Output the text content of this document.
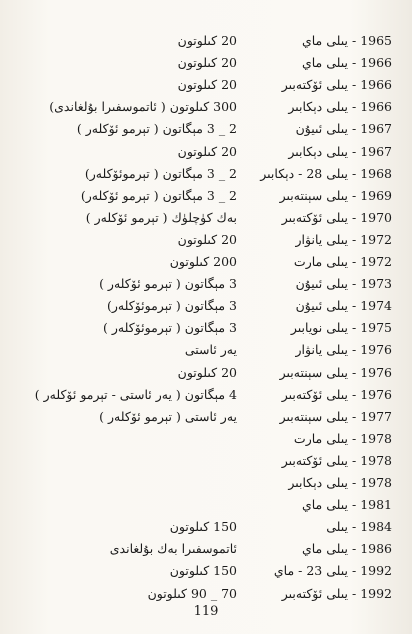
1965 - يىلى ماي
20 كىلوتون
1966 - يىلى ماي
20 كىلوتون
1966 - يىلى ئۆكتەبىر
20 كىلوتون
1966 - يىلى دېكابىر
300 كىلوتون ( ئاتموسفىرا بۇلغاندى)
1967 - يىلى ئىيۇن
2 _ 3 مېگاتون ( تېرمو ئۆكلەر )
1967 - يىلى دېكابىر
20 كىلوتون
1968 - يىلى 28 - دېكابىر
2 _ 3 مېگاتون ( تېرموئۆكلەر)
1969 - يىلى سېنتەبىر
2 _ 3 مېگاتون ( تېرمو ئۆكلەر)
1970 - يىلى ئۆكتەبىر
بەك كۈچلۈك ( تېرمو ئۆكلەر )
1972 - يىلى يانۋار
20 كىلوتون
1972 - يىلى مارت
200 كىلوتون
1973 - يىلى ئىيۇن
3 مېگاتون ( تېرمو ئۆكلەر )
1974 - يىلى ئىيۇن
3 مېگاتون ( تېرموئۆكلەر)
1975 - يىلى نويابىر
3 مېگاتون ( تېرموئۆكلەر )
1976 - يىلى يانۋار
يەر ئاستى
1976 - يىلى سېنتەبىر
20 كىلوتون
1976 - يىلى ئۆكتەبىر
4 مېگاتون ( يەر ئاستى - تېرمو ئۆكلەر )
1977 - يىلى سېنتەبىر
يەر ئاستى ( تېرمو ئۆكلەر )
1978 - يىلى مارت
1978 - يىلى ئۆكتەبىر
1978 - يىلى دېكابىر
1981 - يىلى ماي
1984 - يىلى
150 كىلوتون
1986 - يىلى ماي
ئاتموسفىرا بەك بۇلغاندى
1992 - يىلى 23 - ماي
150 كىلوتون
1992 - يىلى ئۆكتەبىر
70 _ 90 كىلوتون
119
